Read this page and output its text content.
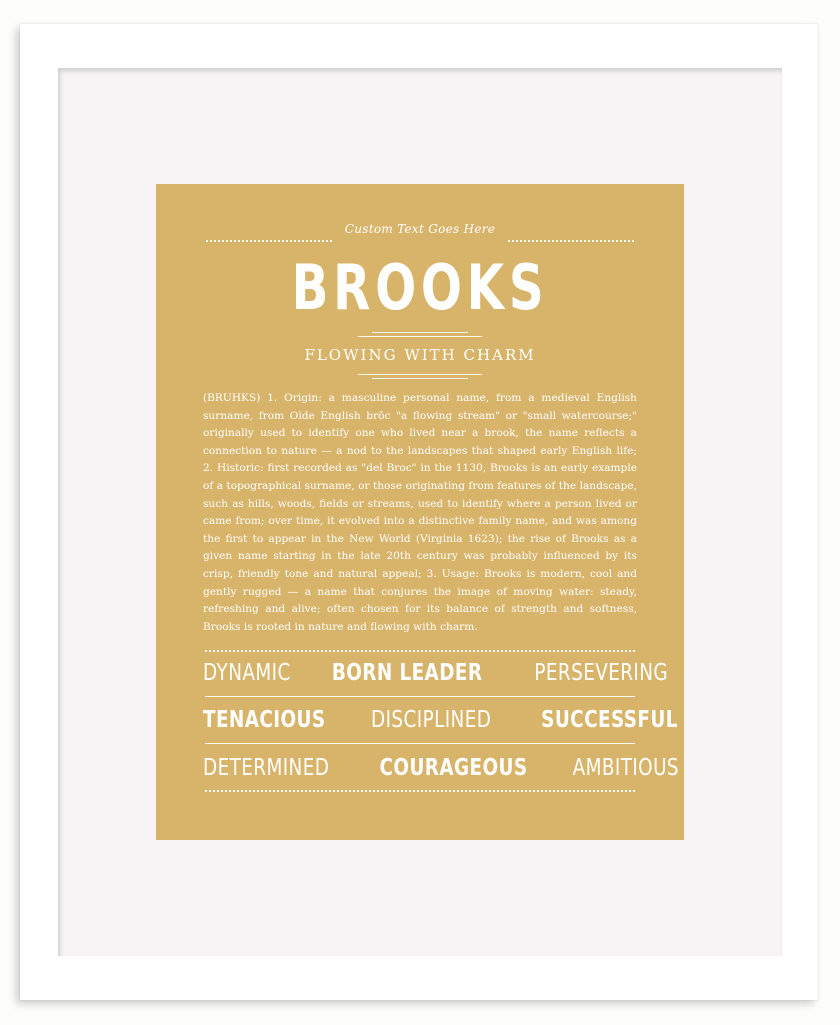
Custom Text Goes Here
BROOKS
FLOWING WITH CHARM
(BRUHKS) 1. Origin: a masculine personal name, from a medieval English surname, from Olde English brōc "a flowing stream" or "small watercourse;" originally used to identify one who lived near a brook, the name reflects a connection to nature — a nod to the landscapes that shaped early English life; 2. Historic: first recorded as "del Broc" in the 1130, Brooks is an early example of a topographical surname, or those originating from features of the landscape, such as hills, woods, fields or streams, used to identify where a person lived or came from; over time, it evolved into a distinctive family name, and was among the first to appear in the New World (Virginia 1623); the rise of Brooks as a given name starting in the late 20th century was probably influenced by its crisp, friendly tone and natural appeal; 3. Usage: Brooks is modern, cool and gently rugged — a name that conjures the image of moving water: steady, refreshing and alive; often chosen for its balance of strength and softness, Brooks is rooted in nature and flowing with charm.
DYNAMIC BORN LEADER PERSEVERING
TENACIOUS DISCIPLINED SUCCESSFUL
DETERMINED COURAGEOUS AMBITIOUS
